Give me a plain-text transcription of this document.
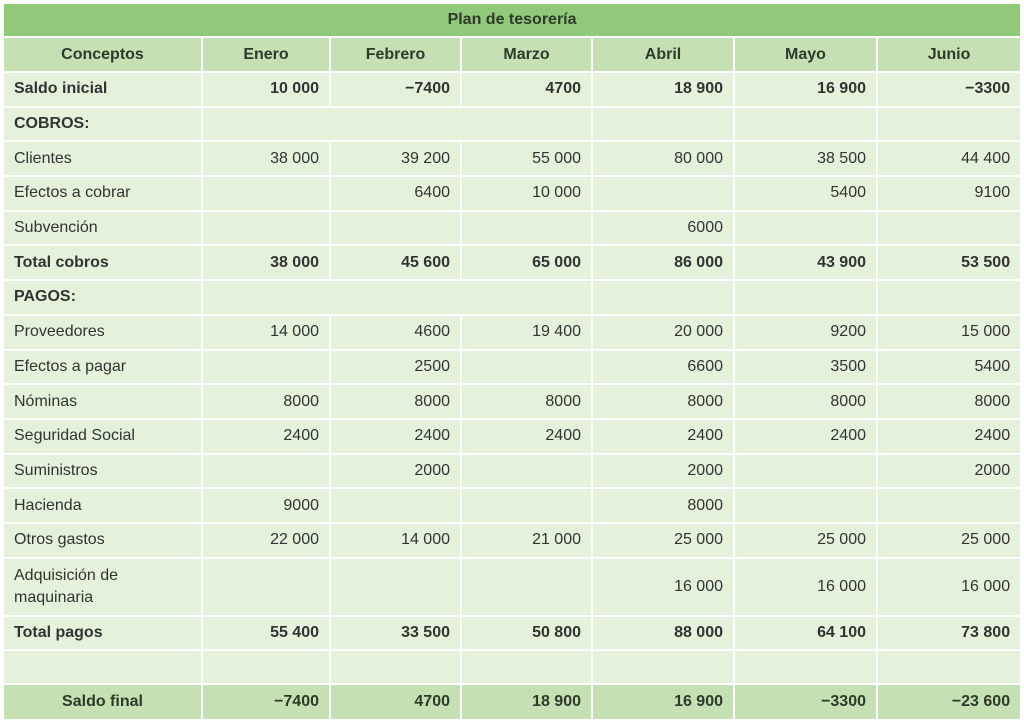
Plan de tesorería						
Conceptos	Enero	Febrero	Marzo	Abril	Mayo	Junio
Saldo inicial	10 000	−7400	4700	18 900	16 900	−3300
COBROS:						
Clientes	38 000	39 200	55 000	80 000	38 500	44 400
Efectos a cobrar		6400	10 000		5400	9100
Subvención				6000		
Total cobros	38 000	45 600	65 000	86 000	43 900	53 500
PAGOS:						
Proveedores	14 000	4600	19 400	20 000	9200	15 000
Efectos a pagar		2500		6600	3500	5400
Nóminas	8000	8000	8000	8000	8000	8000
Seguridad Social	2400	2400	2400	2400	2400	2400
Suministros		2000		2000		2000
Hacienda	9000			8000		
Otros gastos	22 000	14 000	21 000	25 000	25 000	25 000
Adquisición de maquinaria				16 000	16 000	16 000
Total pagos	55 400	33 500	50 800	88 000	64 100	73 800

Saldo final	−7400	4700	18 900	16 900	−3300	−23 600
